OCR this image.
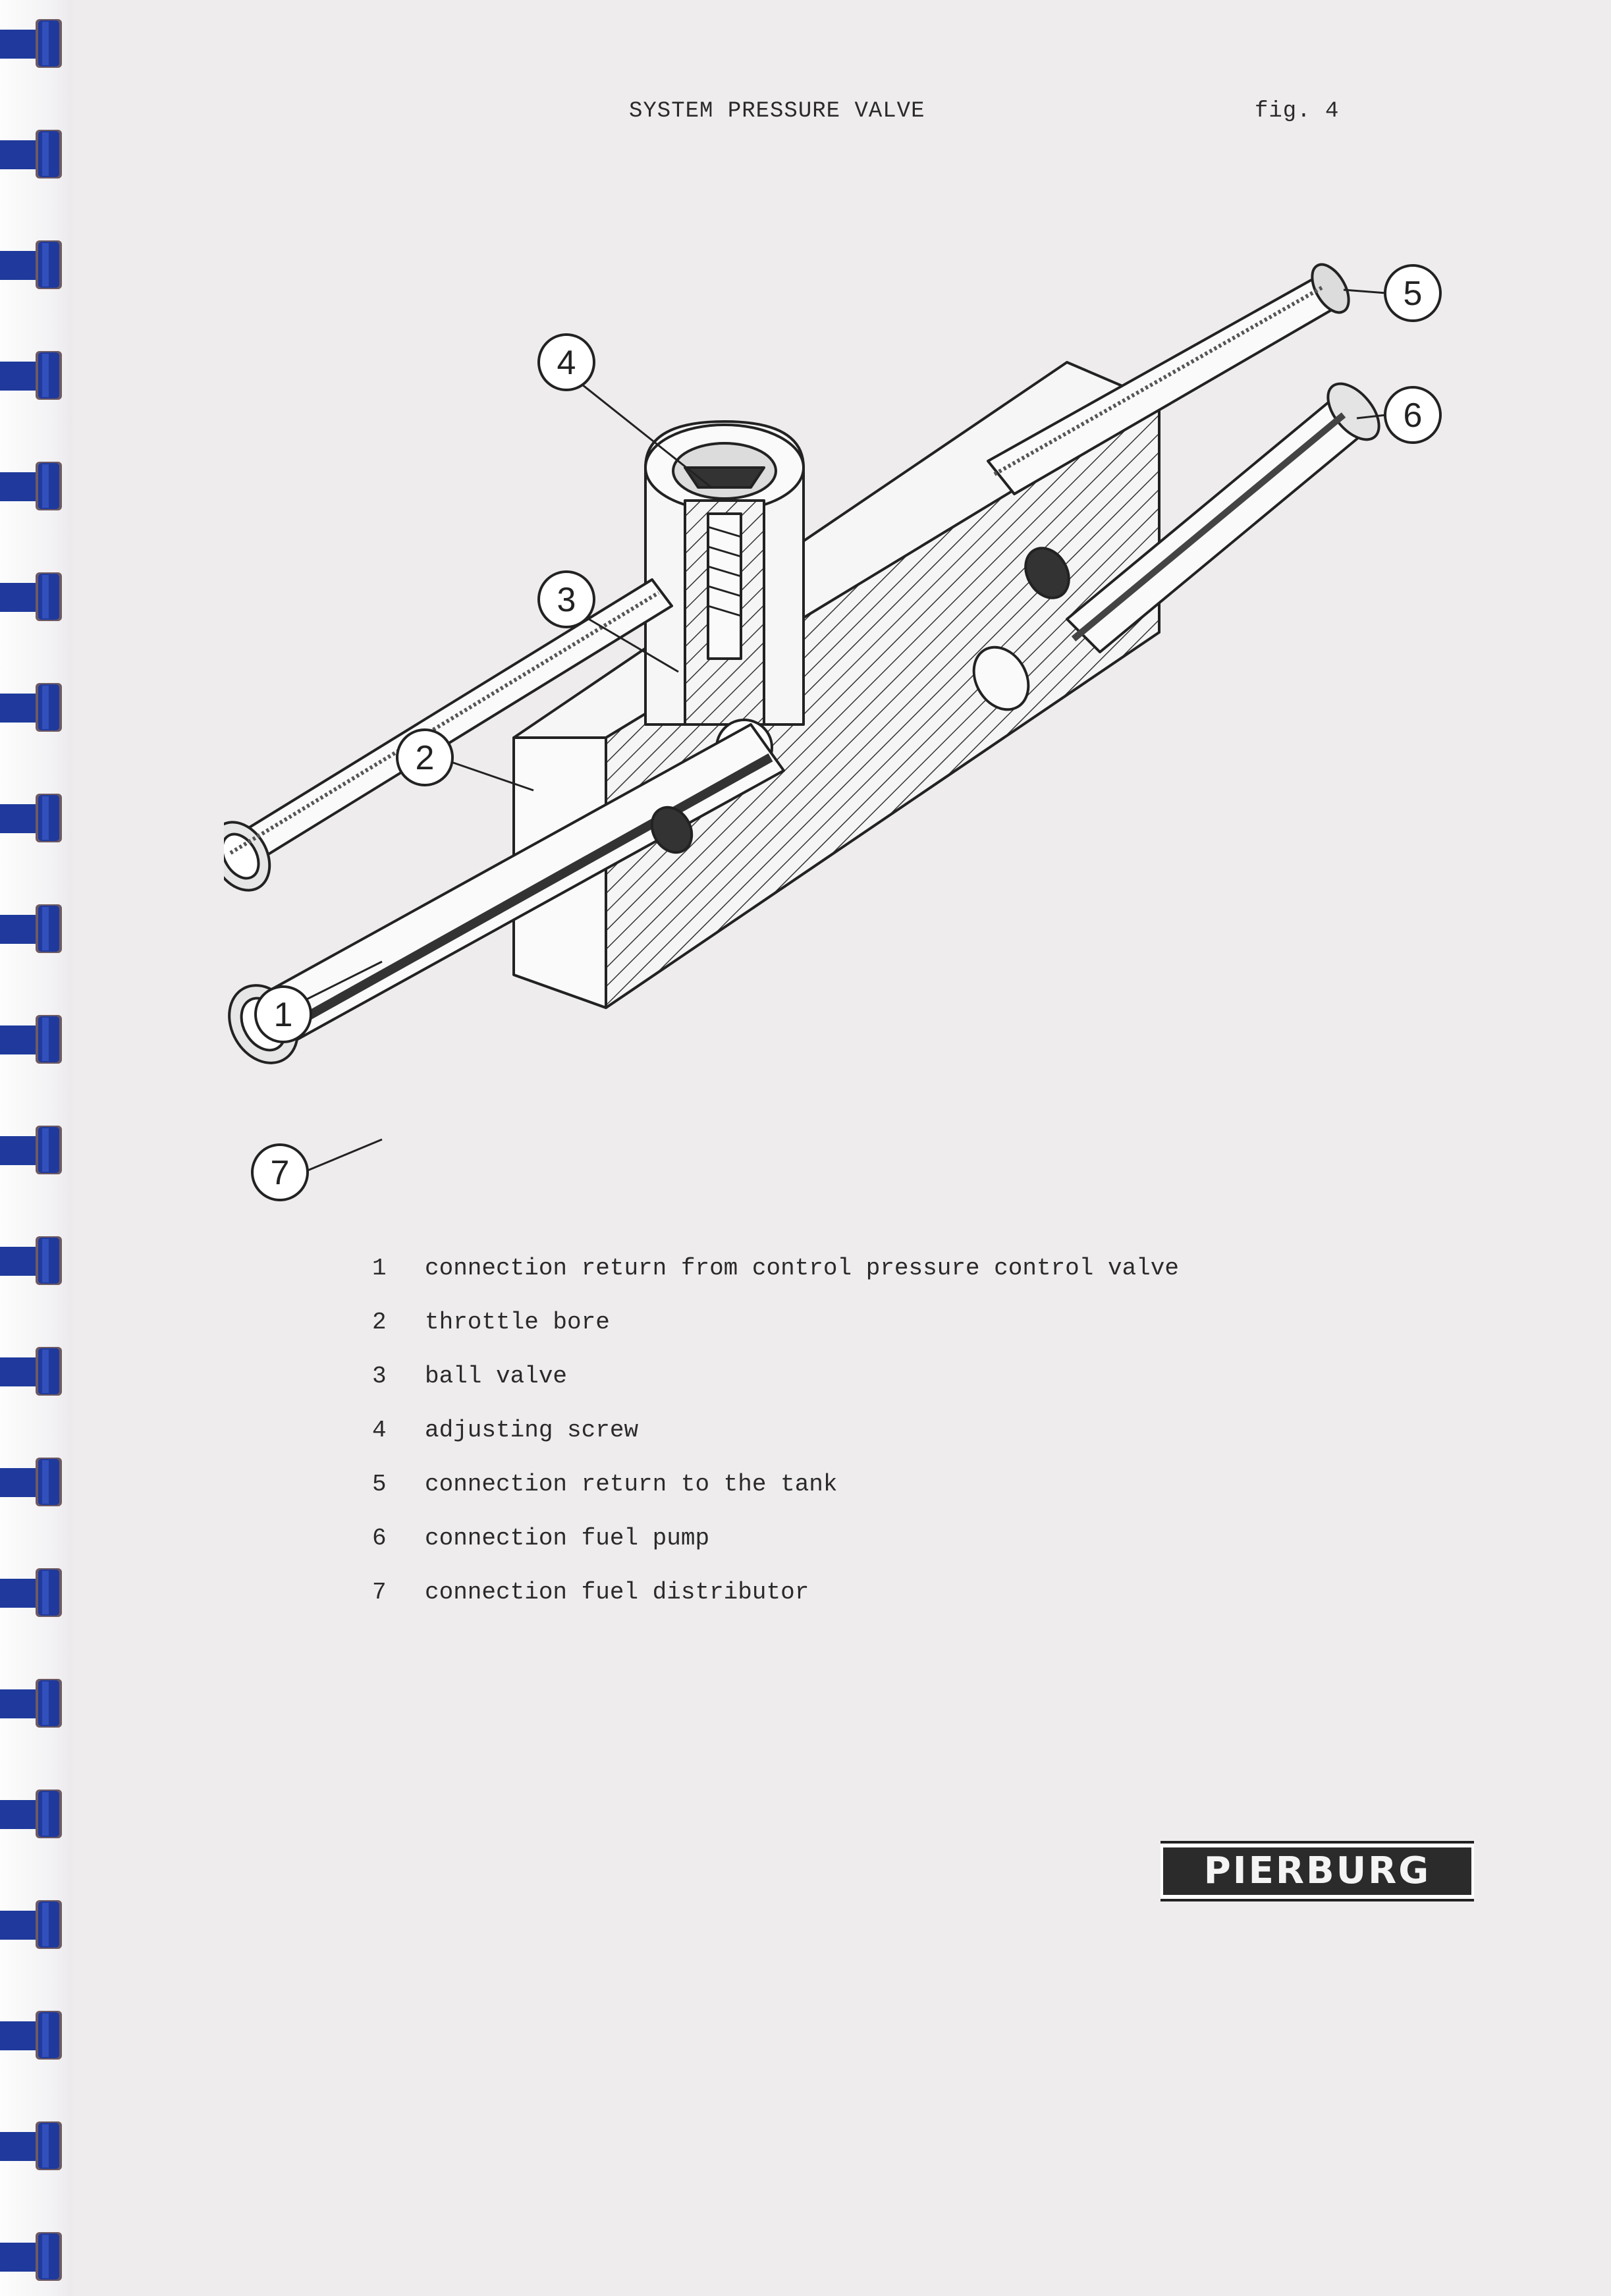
SYSTEM PRESSURE VALVE	fig. 4
4
3
2
1
5
6
7
1	connection return from control pressure control valve
2	throttle bore
3	ball valve
4	adjusting screw
5	connection return to the tank
6	connection fuel pump
7	connection fuel distributor
PIERBURG
